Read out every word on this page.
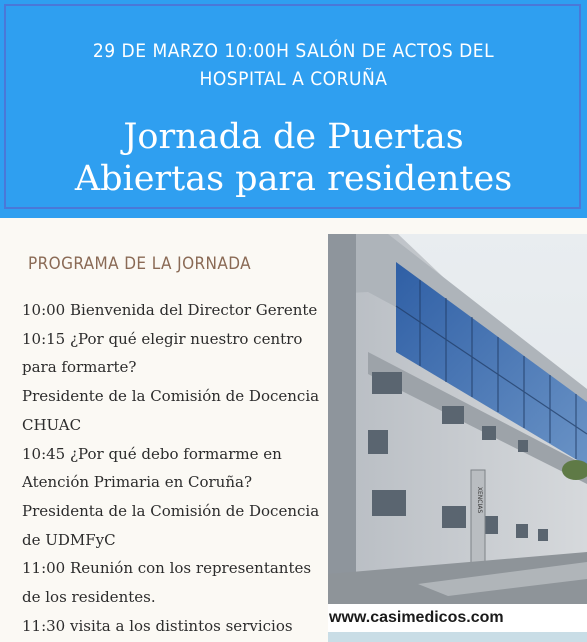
29 DE MARZO 10:00H SALÓN DE ACTOS DEL
HOSPITAL A CORUÑA
Jornada de Puertas
Abiertas para residentes
PROGRAMA DE LA JORNADA
10:00 Bienvenida del Director Gerente
10:15 ¿Por qué elegir nuestro centro
para formarte?
Presidente de la Comisión de Docencia
CHUAC
10:45 ¿Por qué debo formarme en
Atención Primaria en Coruña?
Presidenta de la Comisión de Docencia
de UDMFyC
11:00 Reunión con los representantes
de los residentes.
11:30 visita a los distintos servicios
XENCIAS
www.casimedicos.com
